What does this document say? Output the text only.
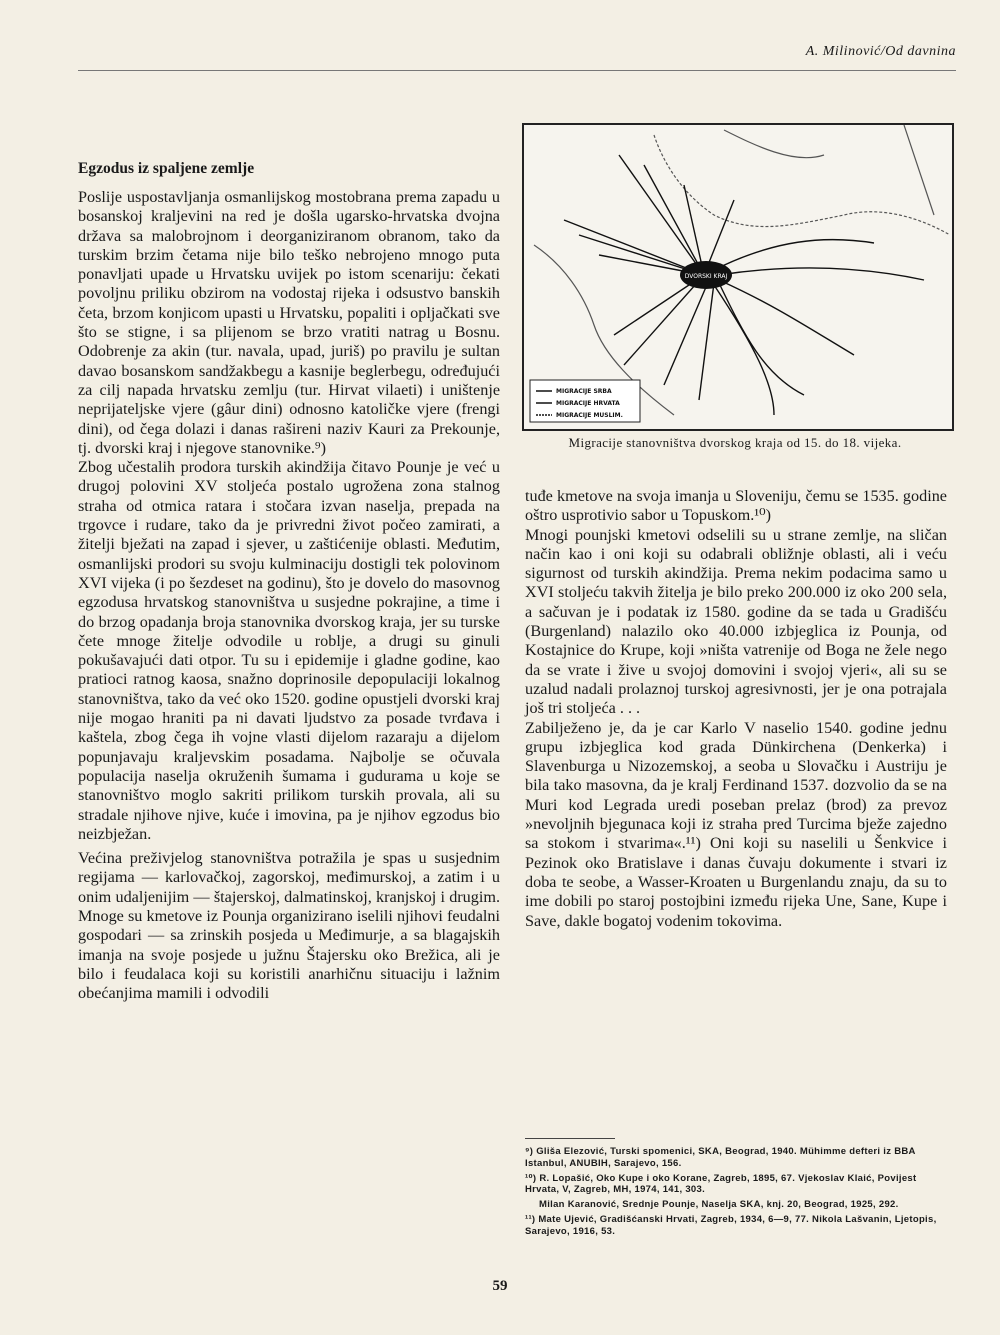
A. Milinović/Od davnina
Egzodus iz spaljene zemlje

Poslije uspostavljanja osmanlijskog mostobrana prema zapadu u bosanskoj kraljevini na red je došla ugarsko-hrvatska dvojna država sa malobrojnom i deorganiziranom obranom, tako da turskim brzim četama nije bilo teško nebrojeno mnogo puta ponavljati upade u Hrvatsku uvijek po istom scenariju: čekati povoljnu priliku obzirom na vodostaj rijeka i odsustvo banskih četa, brzom konjicom upasti u Hrvatsku, popaliti i opljačkati sve što se stigne, i sa plijenom se brzo vratiti natrag u Bosnu. Odobrenje za akin (tur. navala, upad, juriš) po pravilu je sultan davao bosanskom sandžakbegu a kasnije beglerbegu, određujući za cilj napada hrvatsku zemlju (tur. Hirvat vilaeti) i uništenje neprijateljske vjere (gâur dini) odnosno katoličke vjere (frengi dini), od čega dolazi i danas rašireni naziv Kauri za Prekounje, tj. dvorski kraj i njegove stanovnike.⁹)

Zbog učestalih prodora turskih akindžija čitavo Pounje je već u drugoj polovini XV stoljeća postalo ugrožena zona stalnog straha od otmica ratara i stočara izvan naselja, prepada na trgovce i rudare, tako da je privredni život počeo zamirati, a žitelji bježati na zapad i sjever, u zaštićenije oblasti. Međutim, osmanlijski prodori su svoju kulminaciju dostigli tek polovinom XVI vijeka (i po šezdeset na godinu), što je dovelo do masovnog egzodusa hrvatskog stanovništva u susjedne pokrajine, a time i do brzog opadanja broja stanovnika dvorskog kraja, jer su turske čete mnoge žitelje odvodile u roblje, a drugi su ginuli pokušavajući dati otpor. Tu su i epidemije i gladne godine, kao pratioci ratnog kaosa, snažno doprinosile depopulaciji lokalnog stanovništva, tako da već oko 1520. godine opustjeli dvorski kraj nije mogao hraniti pa ni davati ljudstvo za posade tvrđava i kaštela, zbog čega ih vojne vlasti dijelom razaraju a dijelom popunjavaju kraljevskim posadama. Najbolje se očuvala populacija naselja okruženih šumama i gudurama u koje se stanovništvo moglo sakriti prilikom turskih provala, ali su stradale njihove njive, kuće i imovina, pa je njihov egzodus bio neizbježan.

Većina preživjelog stanovništva potražila je spas u susjednim regijama — karlovačkoj, zagorskoj, međimurskoj, a zatim i u onim udaljenijim — štajerskoj, dalmatinskoj, kranjskoj i drugim. Mnoge su kmetove iz Pounja organizirano iselili njihovi feudalni gospodari — sa zrinskih posjeda u Međimurje, a sa blagajskih imanja na svoje posjede u južnu Štajersku oko Brežica, ali je bilo i feudalaca koji su koristili anarhičnu situaciju i lažnim obećanjima mamili i odvodili

DVORSKI KRAJ
MIGRACIJE SRBA
MIGRACIJE HRVATA
MIGRACIJE MUSLIM.
Migracije stanovništva dvorskog kraja od 15. do 18. vijeka.

tuđe kmetove na svoja imanja u Sloveniju, čemu se 1535. godine oštro usprotivio sabor u Topuskom.¹⁰)

Mnogi pounjski kmetovi odselili su u strane zemlje, na sličan način kao i oni koji su odabrali obližnje oblasti, ali i veću sigurnost od turskih akindžija. Prema nekim podacima samo u XVI stoljeću takvih žitelja je bilo preko 200.000 iz oko 200 sela, a sačuvan je i podatak iz 1580. godine da se tada u Gradišću (Burgenland) nalazilo oko 40.000 izbjeglica iz Pounja, od Kostajnice do Krupe, koji »ništa vatrenije od Boga ne žele nego da se vrate i žive u svojoj domovini i svojoj vjeri«, ali su se uzalud nadali prolaznoj turskoj agresivnosti, jer je ona potrajala još tri stoljeća . . .

Zabilježeno je, da je car Karlo V naselio 1540. godine jednu grupu izbjeglica kod grada Dünkirchena (Denkerka) i Slavenburga u Nizozemskoj, a seoba u Slovačku i Austriju je bila tako masovna, da je kralj Ferdinand 1537. dozvolio da se na Muri kod Legrada uredi poseban prelaz (brod) za prevoz »nevoljnih bjegunaca koji iz straha pred Turcima bježe zajedno sa stokom i stvarima«.¹¹) Oni koji su naselili u Šenkvice i Pezinok oko Bratislave i danas čuvaju dokumente i stvari iz doba te seobe, a Wasser-Kroaten u Burgenlandu znaju, da su to ime dobili po staroj postojbini između rijeka Une, Sane, Kupe i Save, dakle bogatoj vodenim tokovima.

⁹) Gliša Elezović, Turski spomenici, SKA, Beograd, 1940. Mühimme defteri iz BBA Istanbul, ANUBIH, Sarajevo, 156.

¹⁰) R. Lopašić, Oko Kupe i oko Korane, Zagreb, 1895, 67. Vjekoslav Klaić, Povijest Hrvata, V, Zagreb, MH, 1974, 141, 303.

Milan Karanović, Srednje Pounje, Naselja SKA, knj. 20, Beograd, 1925, 292.

¹¹) Mate Ujević, Gradišćanski Hrvati, Zagreb, 1934, 6—9, 77. Nikola Lašvanin, Ljetopis, Sarajevo, 1916, 53.

59
